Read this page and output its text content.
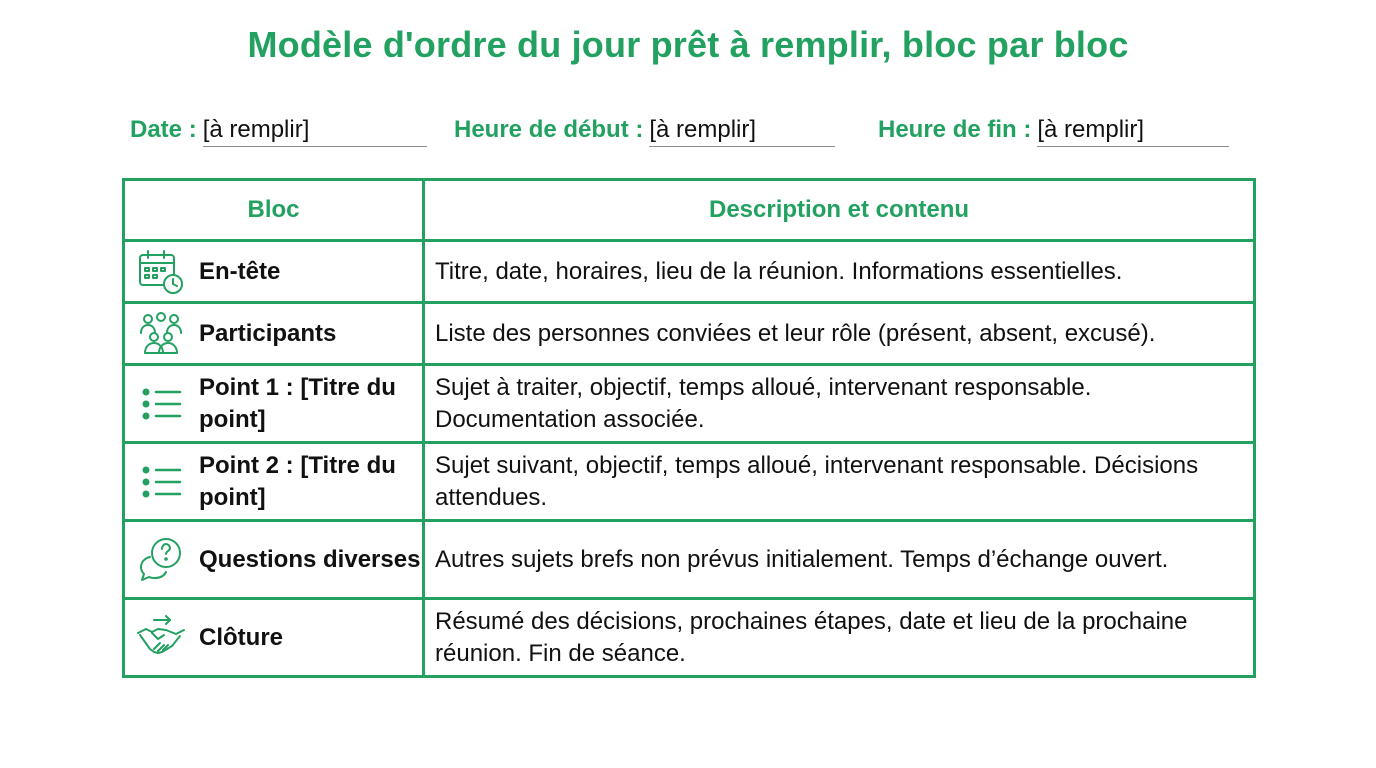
Modèle d'ordre du jour prêt à remplir, bloc par bloc
Date : [à remplir]	Heure de début : [à remplir]	Heure de fin : [à remplir]
Bloc	Description et contenu

En-tête	Titre, date, horaires, lieu de la réunion. Informations essentielles.

Participants	Liste des personnes conviées et leur rôle (présent, absent, excusé).

Point 1 : [Titre du point]	Sujet à traiter, objectif, temps alloué, intervenant responsable. Documentation associée.

Point 2 : [Titre du point]	Sujet suivant, objectif, temps alloué, intervenant responsable. Décisions attendues.

Questions diverses	Autres sujets brefs non prévus initialement. Temps d’échange ouvert.

Clôture	Résumé des décisions, prochaines étapes, date et lieu de la prochaine réunion. Fin de séance.
